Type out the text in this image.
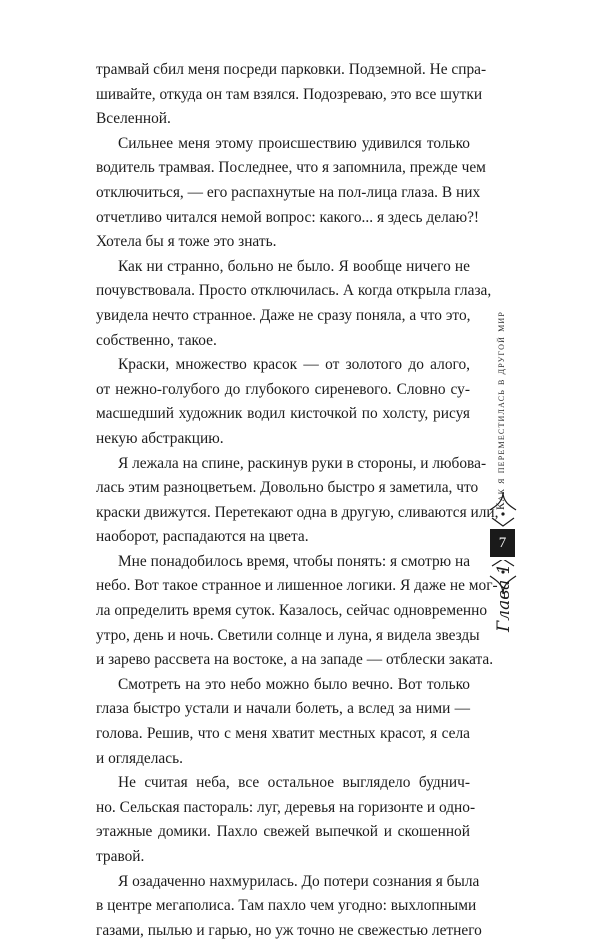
трамвай сбил меня посреди парковки. Подземной. Не спра-
шивайте, откуда он там взялся. Подозреваю, это все шутки
Вселенной.

Сильнее меня этому происшествию удивился только
водитель трамвая. Последнее, что я запомнила, прежде чем
отключиться, — его распахнутые на пол-лица глаза. В них
отчетливо читался немой вопрос: какого... я здесь делаю?!
Хотела бы я тоже это знать.

Как ни странно, больно не было. Я вообще ничего не
почувствовала. Просто отключилась. А когда открыла глаза,
увидела нечто странное. Даже не сразу поняла, а что это,
собственно, такое.

Краски, множество красок — от золотого до алого,
от нежно-голубого до глубокого сиреневого. Словно су-
масшедший художник водил кисточкой по холсту, рисуя
некую абстракцию.

Я лежала на спине, раскинув руки в стороны, и любова-
лась этим разноцветьем. Довольно быстро я заметила, что
краски движутся. Перетекают одна в другую, сливаются или,
наоборот, распадаются на цвета.

Мне понадобилось время, чтобы понять: я смотрю на
небо. Вот такое странное и лишенное логики. Я даже не мог-
ла определить время суток. Казалось, сейчас одновременно
утро, день и ночь. Светили солнце и луна, я видела звезды
и зарево рассвета на востоке, а на западе — отблески заката.

Смотреть на это небо можно было вечно. Вот только
глаза быстро устали и начали болеть, а вслед за ними —
голова. Решив, что с меня хватит местных красот, я села
и огляделась.

Не считая неба, все остальное выглядело буднич-
но. Сельская пастораль: луг, деревья на горизонте и одно-
этажные домики. Пахло свежей выпечкой и скошенной
травой.

Я озадаченно нахмурилась. До потери сознания я была
в центре мегаполиса. Там пахло чем угодно: выхлопными
газами, пылью и гарью, но уж точно не свежестью летнего

Как я переместилась в другой мир
7
Глава 1
